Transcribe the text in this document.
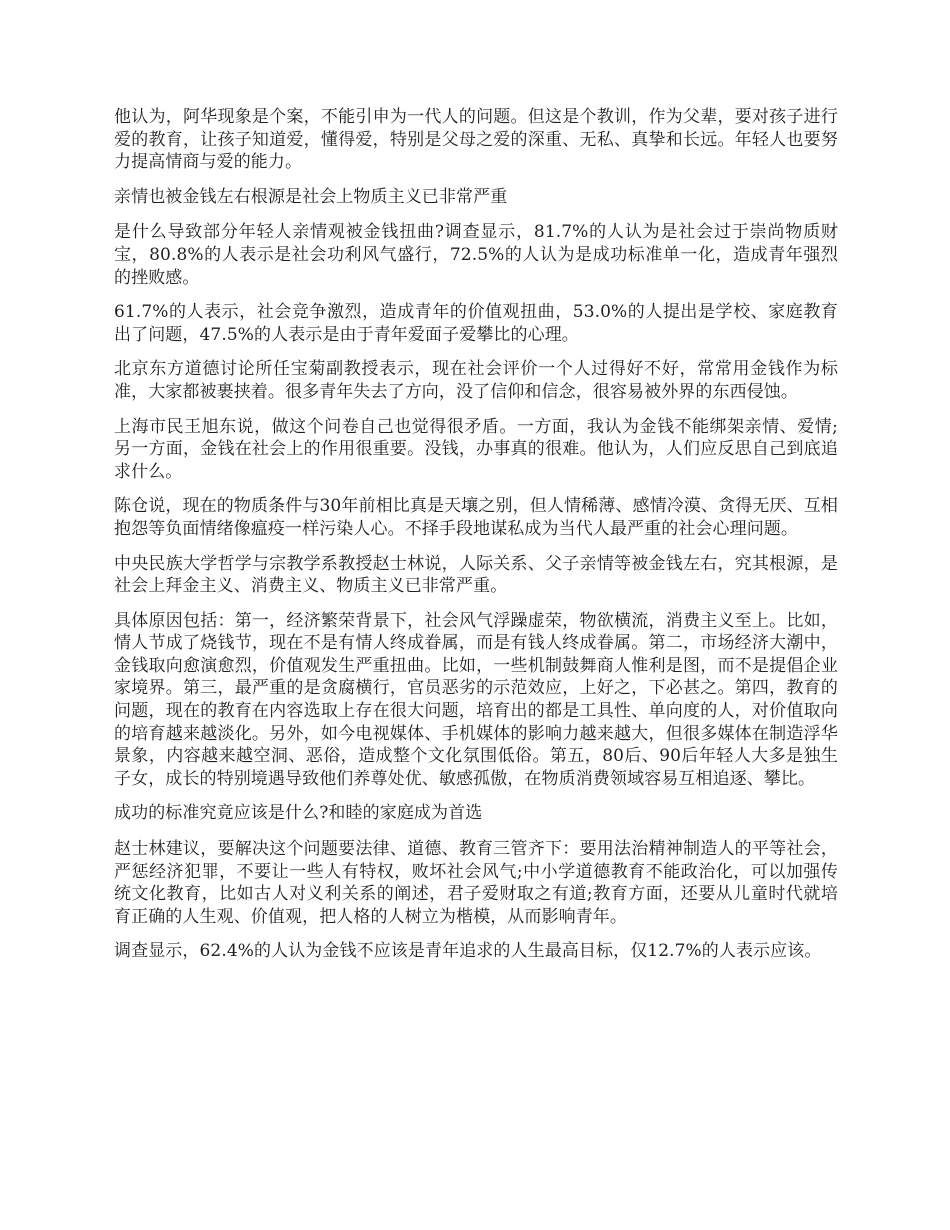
他认为，阿华现象是个案，不能引申为一代人的问题。但这是个教训，作为父辈，要对孩子进行爱的教育，让孩子知道爱，懂得爱，特别是父母之爱的深重、无私、真挚和长远。年轻人也要努力提高情商与爱的能力。

亲情也被金钱左右根源是社会上物质主义已非常严重

是什么导致部分年轻人亲情观被金钱扭曲?调查显示，81.7%的人认为是社会过于崇尚物质财宝，80.8%的人表示是社会功利风气盛行，72.5%的人认为是成功标准单一化，造成青年强烈的挫败感。

61.7%的人表示，社会竞争激烈，造成青年的价值观扭曲，53.0%的人提出是学校、家庭教育出了问题，47.5%的人表示是由于青年爱面子爱攀比的心理。

北京东方道德讨论所任宝菊副教授表示，现在社会评价一个人过得好不好，常常用金钱作为标准，大家都被裹挟着。很多青年失去了方向，没了信仰和信念，很容易被外界的东西侵蚀。

上海市民王旭东说，做这个问卷自己也觉得很矛盾。一方面，我认为金钱不能绑架亲情、爱情;另一方面，金钱在社会上的作用很重要。没钱，办事真的很难。他认为，人们应反思自己到底追求什么。

陈仓说，现在的物质条件与30年前相比真是天壤之别，但人情稀薄、感情冷漠、贪得无厌、互相抱怨等负面情绪像瘟疫一样污染人心。不择手段地谋私成为当代人最严重的社会心理问题。

中央民族大学哲学与宗教学系教授赵士林说，人际关系、父子亲情等被金钱左右，究其根源，是社会上拜金主义、消费主义、物质主义已非常严重。

具体原因包括：第一，经济繁荣背景下，社会风气浮躁虚荣，物欲横流，消费主义至上。比如，情人节成了烧钱节，现在不是有情人终成眷属，而是有钱人终成眷属。第二，市场经济大潮中，金钱取向愈演愈烈，价值观发生严重扭曲。比如，一些机制鼓舞商人惟利是图，而不是提倡企业家境界。第三，最严重的是贪腐横行，官员恶劣的示范效应，上好之，下必甚之。第四，教育的问题，现在的教育在内容选取上存在很大问题，培育出的都是工具性、单向度的人，对价值取向的培育越来越淡化。另外，如今电视媒体、手机媒体的影响力越来越大，但很多媒体在制造浮华景象，内容越来越空洞、恶俗，造成整个文化氛围低俗。第五，80后、90后年轻人大多是独生子女，成长的特别境遇导致他们养尊处优、敏感孤傲，在物质消费领域容易互相追逐、攀比。

成功的标准究竟应该是什么?和睦的家庭成为首选

赵士林建议，要解决这个问题要法律、道德、教育三管齐下：要用法治精神制造人的平等社会，严惩经济犯罪，不要让一些人有特权，败坏社会风气;中小学道德教育不能政治化，可以加强传统文化教育，比如古人对义利关系的阐述，君子爱财取之有道;教育方面，还要从儿童时代就培育正确的人生观、价值观，把人格的人树立为楷模，从而影响青年。

调查显示，62.4%的人认为金钱不应该是青年追求的人生最高目标，仅12.7%的人表示应该。
